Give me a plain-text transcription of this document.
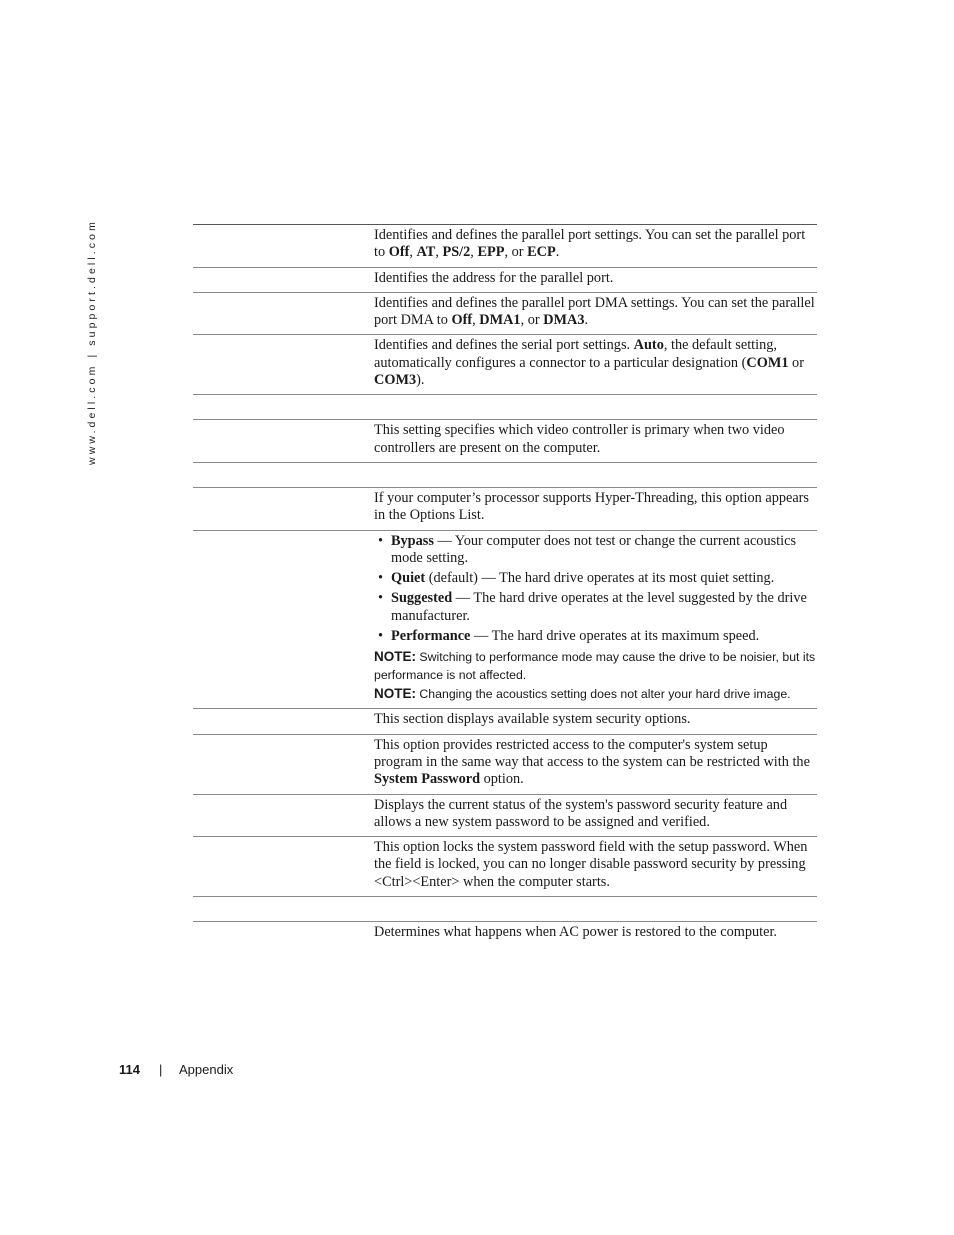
www.dell.com | support.dell.com	Identifies and defines the parallel port settings. You can set the parallel port to Off, AT, PS/2, EPP, or ECP.

Identifies the address for the parallel port.

Identifies and defines the parallel port DMA settings. You can set the parallel port DMA to Off, DMA1, or DMA3.

Identifies and defines the serial port settings. Auto, the default setting, automatically configures a connector to a particular designation (COM1 or COM3).

This setting specifies which video controller is primary when two video controllers are present on the computer.

If your computer’s processor supports Hyper-Threading, this option appears in the Options List.

• Bypass — Your computer does not test or change the current acoustics mode setting.
• Quiet (default) — The hard drive operates at its most quiet setting.
• Suggested — The hard drive operates at the level suggested by the drive manufacturer.
• Performance — The hard drive operates at its maximum speed.
NOTE: Switching to performance mode may cause the drive to be noisier, but its performance is not affected.
NOTE: Changing the acoustics setting does not alter your hard drive image.

This section displays available system security options.

This option provides restricted access to the computer's system setup program in the same way that access to the system can be restricted with the System Password option.

Displays the current status of the system's password security feature and allows a new system password to be assigned and verified.

This option locks the system password field with the setup password. When the field is locked, you can no longer disable password security by pressing <Ctrl><Enter> when the computer starts.

Determines what happens when AC power is restored to the computer.

114 | Appendix
